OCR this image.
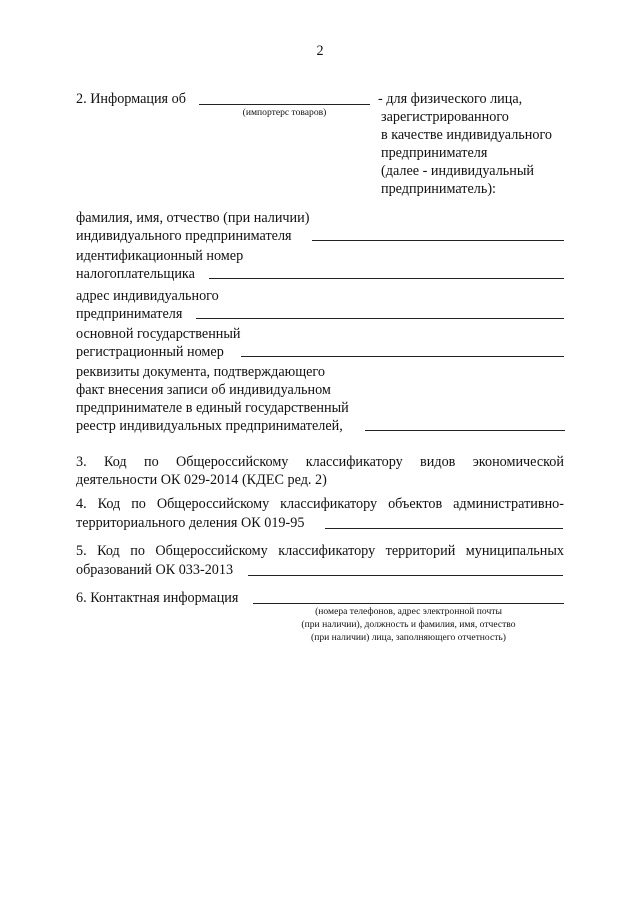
2
2. Информация об
(импортерс товаров)
- для физического лица,
зарегистрированного
в качестве индивидуального
предпринимателя
(далее - индивидуальный
предприниматель):
фамилия, имя, отчество (при наличии)
индивидуального предпринимателя
идентификационный номер
налогоплательщика
адрес индивидуального
предпринимателя
основной государственный
регистрационный номер
реквизиты документа, подтверждающего
факт внесения записи об индивидуальном
предпринимателе в единый государственный
реестр индивидуальных предпринимателей,
3. Код по Общероссийскому классификатору видов экономической
деятельности ОК 029-2014 (КДЕС ред. 2)
4. Код по Общероссийскому классификатору объектов административно-
территориального деления ОК 019-95
5. Код по Общероссийскому классификатору территорий муниципальных
образований ОК 033-2013
6. Контактная информация
(номера телефонов, адрес электронной почты
(при наличии), должность и фамилия, имя, отчество
(при наличии) лица, заполняющего отчетность)
